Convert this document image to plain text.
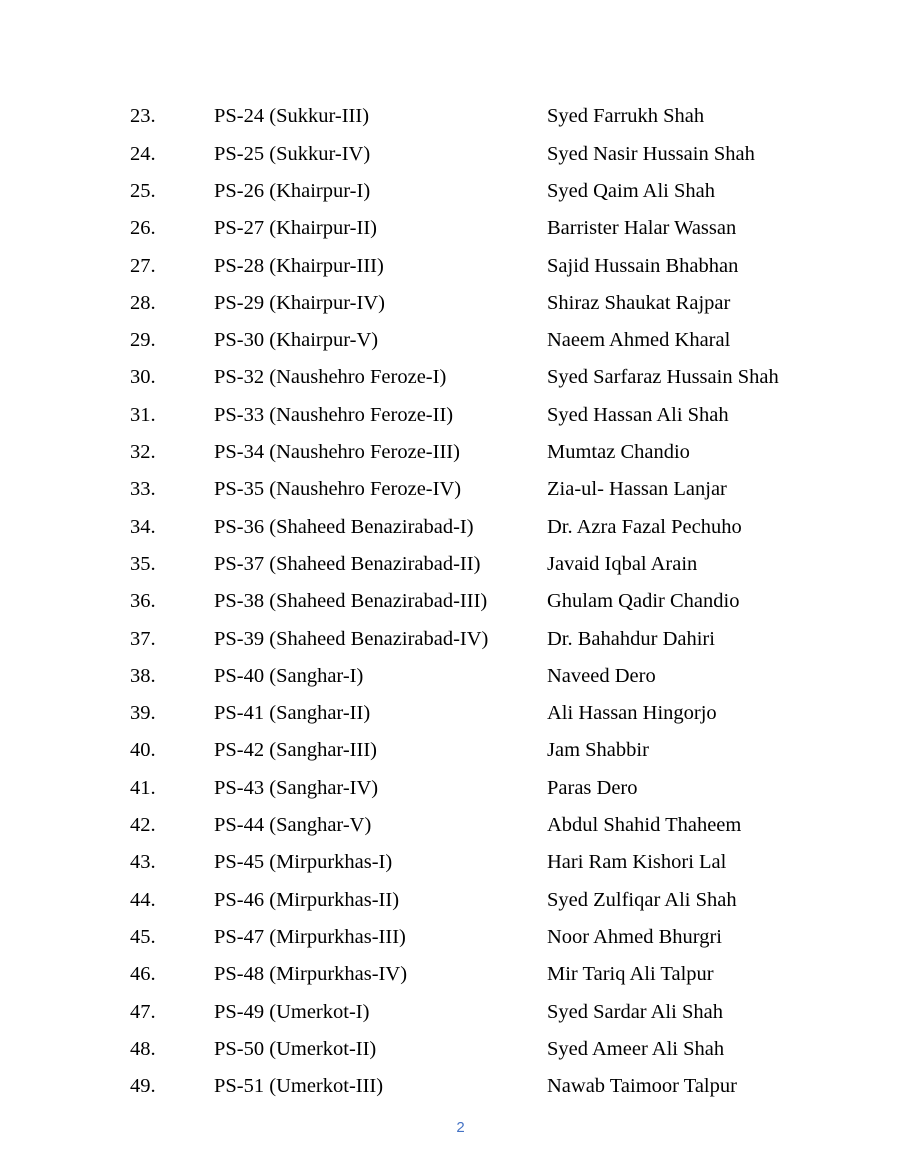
23.	PS-24 (Sukkur-III)	Syed Farrukh Shah
24.	PS-25 (Sukkur-IV)	Syed Nasir Hussain Shah
25.	PS-26 (Khairpur-I)	Syed Qaim Ali Shah
26.	PS-27 (Khairpur-II)	Barrister Halar Wassan
27.	PS-28 (Khairpur-III)	Sajid Hussain Bhabhan
28.	PS-29 (Khairpur-IV)	Shiraz Shaukat Rajpar
29.	PS-30 (Khairpur-V)	Naeem Ahmed Kharal
30.	PS-32 (Naushehro Feroze-I)	Syed Sarfaraz Hussain Shah
31.	PS-33 (Naushehro Feroze-II)	Syed Hassan Ali Shah
32.	PS-34 (Naushehro Feroze-III)	Mumtaz Chandio
33.	PS-35 (Naushehro Feroze-IV)	Zia-ul- Hassan Lanjar
34.	PS-36 (Shaheed Benazirabad-I)	Dr. Azra Fazal Pechuho
35.	PS-37 (Shaheed Benazirabad-II)	Javaid Iqbal Arain
36.	PS-38 (Shaheed Benazirabad-III)	Ghulam Qadir Chandio
37.	PS-39 (Shaheed Benazirabad-IV)	Dr. Bahahdur Dahiri
38.	PS-40 (Sanghar-I)	Naveed Dero
39.	PS-41 (Sanghar-II)	Ali Hassan Hingorjo
40.	PS-42 (Sanghar-III)	Jam Shabbir
41.	PS-43 (Sanghar-IV)	Paras Dero
42.	PS-44 (Sanghar-V)	Abdul Shahid Thaheem
43.	PS-45 (Mirpurkhas-I)	Hari Ram Kishori Lal
44.	PS-46 (Mirpurkhas-II)	Syed Zulfiqar Ali Shah
45.	PS-47 (Mirpurkhas-III)	Noor Ahmed Bhurgri
46.	PS-48 (Mirpurkhas-IV)	Mir Tariq Ali Talpur
47.	PS-49 (Umerkot-I)	Syed Sardar Ali Shah
48.	PS-50 (Umerkot-II)	Syed Ameer Ali Shah
49.	PS-51 (Umerkot-III)	Nawab Taimoor Talpur
2
